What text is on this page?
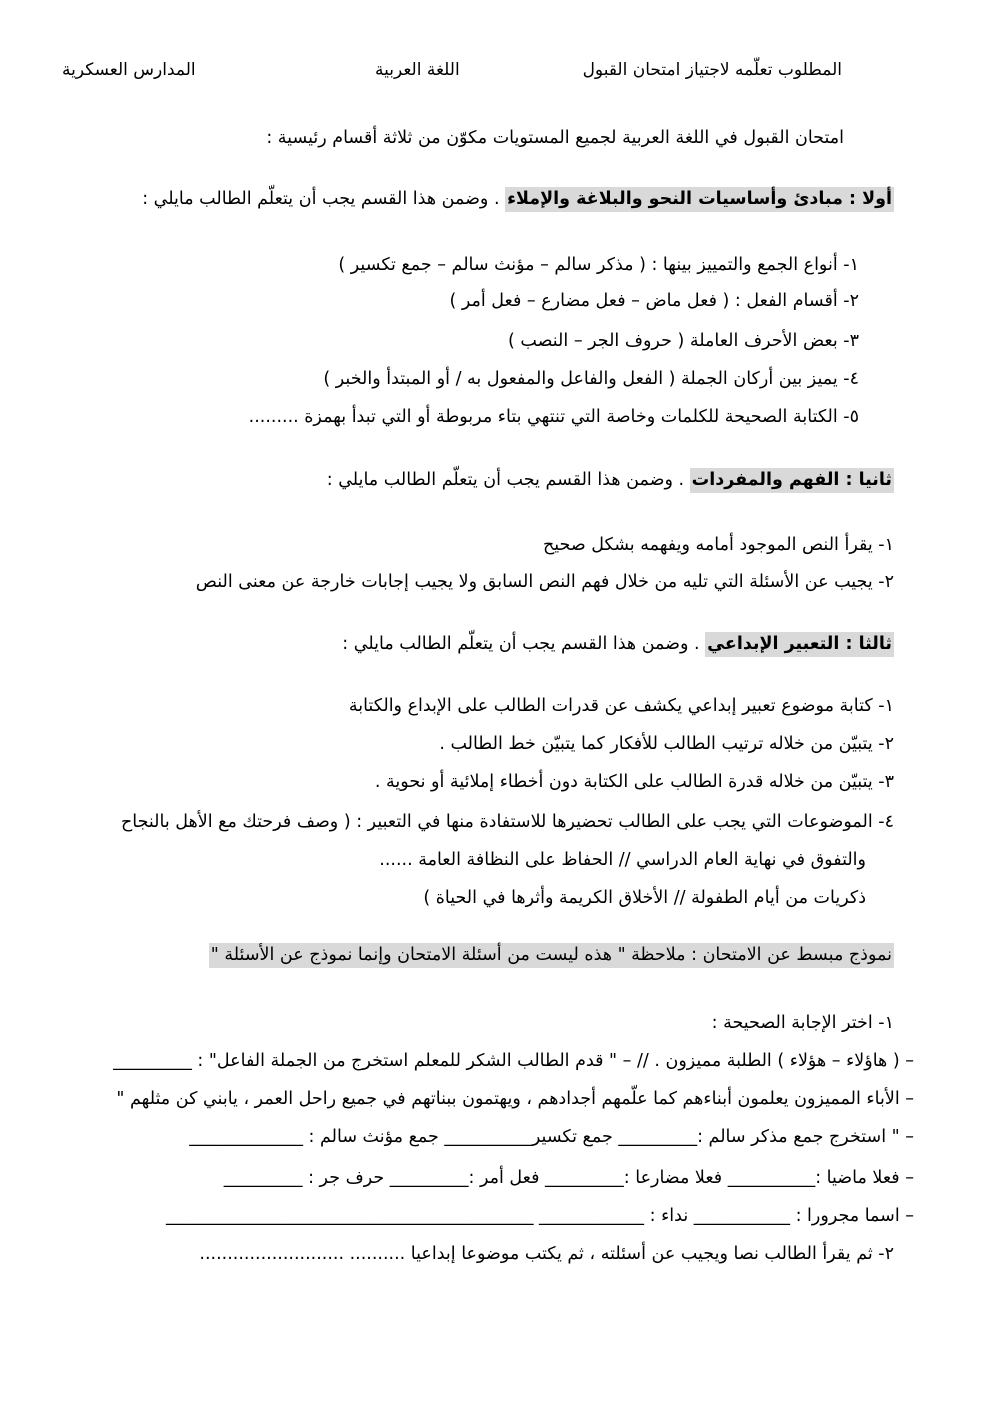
المدارس العسكرية	اللغة العربية	المطلوب تعلّمه لاجتياز امتحان القبول
امتحان القبول في اللغة العربية لجميع المستويات مكوّن من ثلاثة أقسام رئيسية :
أولا : مبادئ وأساسيات النحو والبلاغة والإملاء . وضمن هذا القسم يجب أن يتعلّم الطالب مايلي :
١- أنواع الجمع والتمييز بينها : ( مذكر سالم – مؤنث سالم – جمع تكسير )
٢- أقسام الفعل : ( فعل ماض – فعل مضارع – فعل أمر )
٣- بعض الأحرف العاملة ( حروف الجر – النصب )
٤- يميز بين أركان الجملة ( الفعل والفاعل والمفعول به / أو المبتدأ والخبر )
٥- الكتابة الصحيحة للكلمات وخاصة التي تنتهي بتاء مربوطة أو التي تبدأ بهمزة .........
ثانيا : الفهم والمفردات . وضمن هذا القسم يجب أن يتعلّم الطالب مايلي :
١- يقرأ النص الموجود أمامه ويفهمه بشكل صحيح
٢- يجيب عن الأسئلة التي تليه من خلال فهم النص السابق ولا يجيب إجابات خارجة عن معنى النص
ثالثا : التعبير الإبداعي . وضمن هذا القسم يجب أن يتعلّم الطالب مايلي :
١- كتابة موضوع تعبير إبداعي يكشف عن قدرات الطالب على الإبداع والكتابة
٢- يتبيّن من خلاله ترتيب الطالب للأفكار كما يتبيّن خط الطالب .
٣- يتبيّن من خلاله قدرة الطالب على الكتابة دون أخطاء إملائية أو نحوية .
٤- الموضوعات التي يجب على الطالب تحضيرها للاستفادة منها في التعبير : ( وصف فرحتك مع الأهل بالنجاح
والتفوق في نهاية العام الدراسي // الحفاظ على النظافة العامة ......
ذكريات من أيام الطفولة // الأخلاق الكريمة وأثرها في الحياة )
نموذج مبسط عن الامتحان : ملاحظة " هذه ليست من أسئلة الامتحان وإنما نموذج عن الأسئلة "
١- اختر الإجابة الصحيحة :
– ( هاؤلاء – هؤلاء ) الطلبة مميزون . // – " قدم الطالب الشكر للمعلم استخرج من الجملة الفاعل" : _________
– الأباء المميزون يعلمون أبناءهم كما علّمهم أجدادهم ، ويهتمون ببناتهم في جميع راحل العمر ، يابني كن مثلهم "
– " استخرج جمع مذكر سالم :_________ جمع تكسير__________ جمع مؤنث سالم : _____________
– فعلا ماضيا :__________ فعلا مضارعا :_________ فعل أمر :_________ حرف جر : _________
– اسما مجرورا : ___________ نداء : ____________ __________________________________________
٢- ثم يقرأ الطالب نصا ويجيب عن أسئلته ، ثم يكتب موضوعا إبداعيا .......... ..........................
